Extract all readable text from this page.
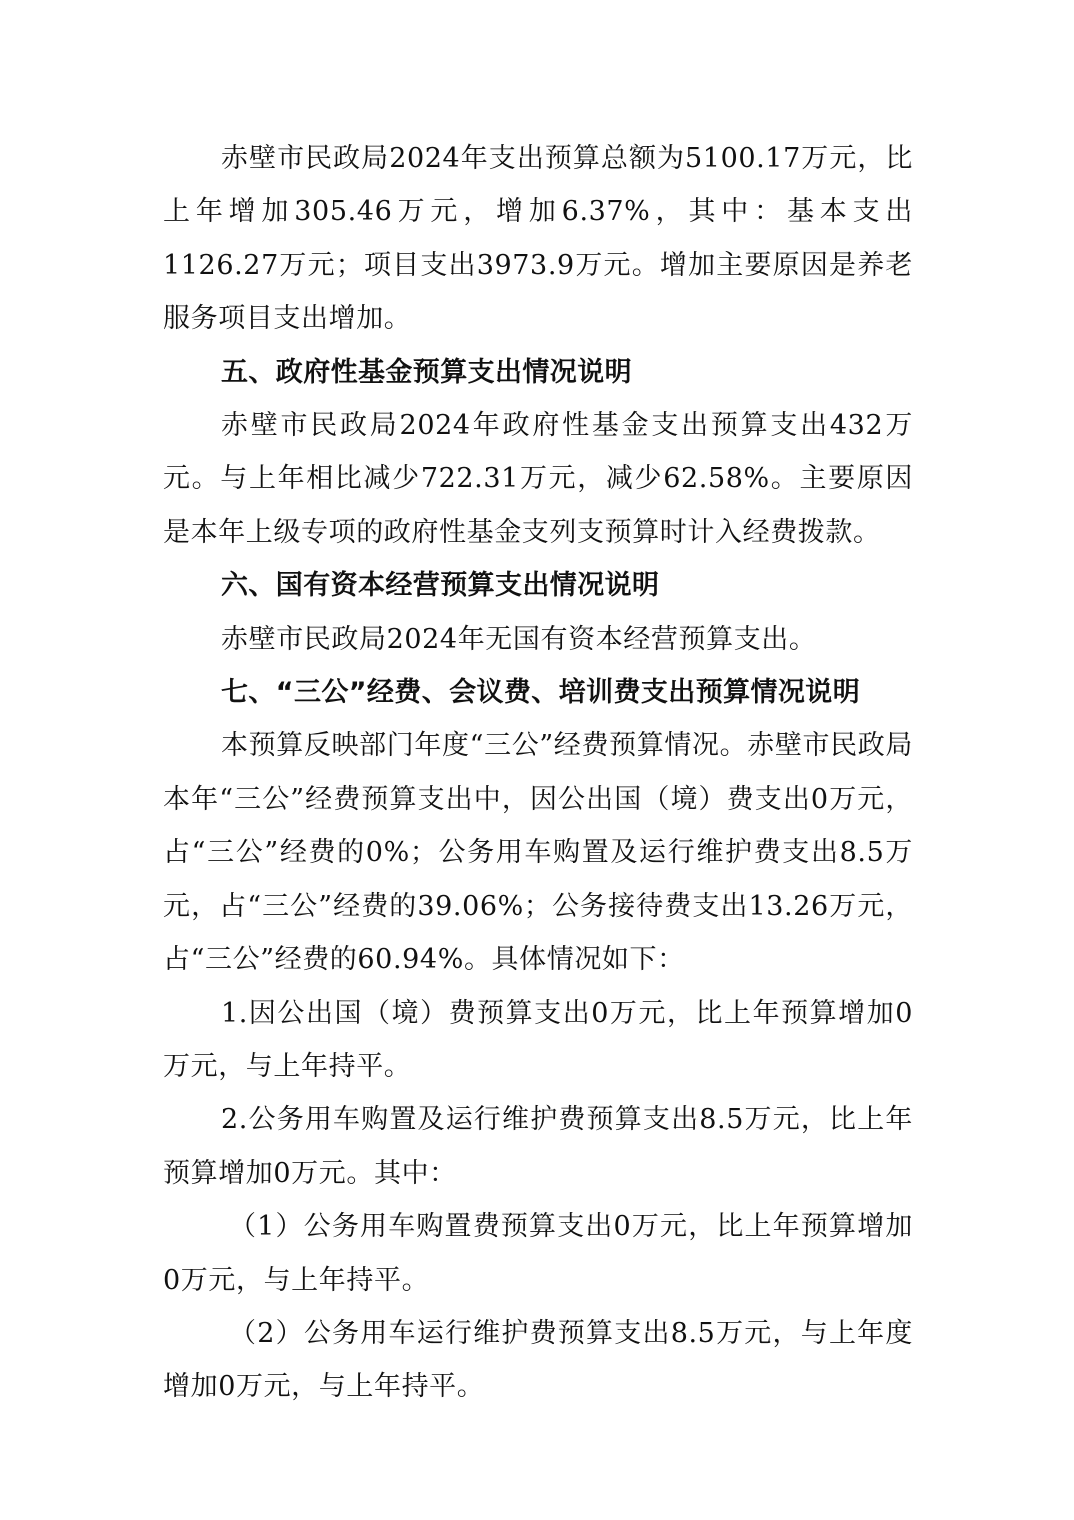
赤壁市民政局2024年支出预算总额为5100.17万元，比上年增加305.46万元，增加6.37%，其中：基本支出1126.27万元；项目支出3973.9万元。增加主要原因是养老服务项目支出增加。

五、政府性基金预算支出情况说明

赤壁市民政局2024年政府性基金支出预算支出432万元。与上年相比减少722.31万元，减少62.58%。主要原因是本年上级专项的政府性基金支列支预算时计入经费拨款。

六、国有资本经营预算支出情况说明

赤壁市民政局2024年无国有资本经营预算支出。

七、“三公”经费、会议费、培训费支出预算情况说明

本预算反映部门年度“三公”经费预算情况。赤壁市民政局本年“三公”经费预算支出中，因公出国（境）费支出0万元，占“三公”经费的0%；公务用车购置及运行维护费支出8.5万元，占“三公”经费的39.06%；公务接待费支出13.26万元，占“三公”经费的60.94%。具体情况如下：

1.因公出国（境）费预算支出0万元，比上年预算增加0万元，与上年持平。

2.公务用车购置及运行维护费预算支出8.5万元，比上年预算增加0万元。其中：

（1）公务用车购置费预算支出0万元，比上年预算增加0万元，与上年持平。

（2）公务用车运行维护费预算支出8.5万元，与上年度增加0万元，与上年持平。
